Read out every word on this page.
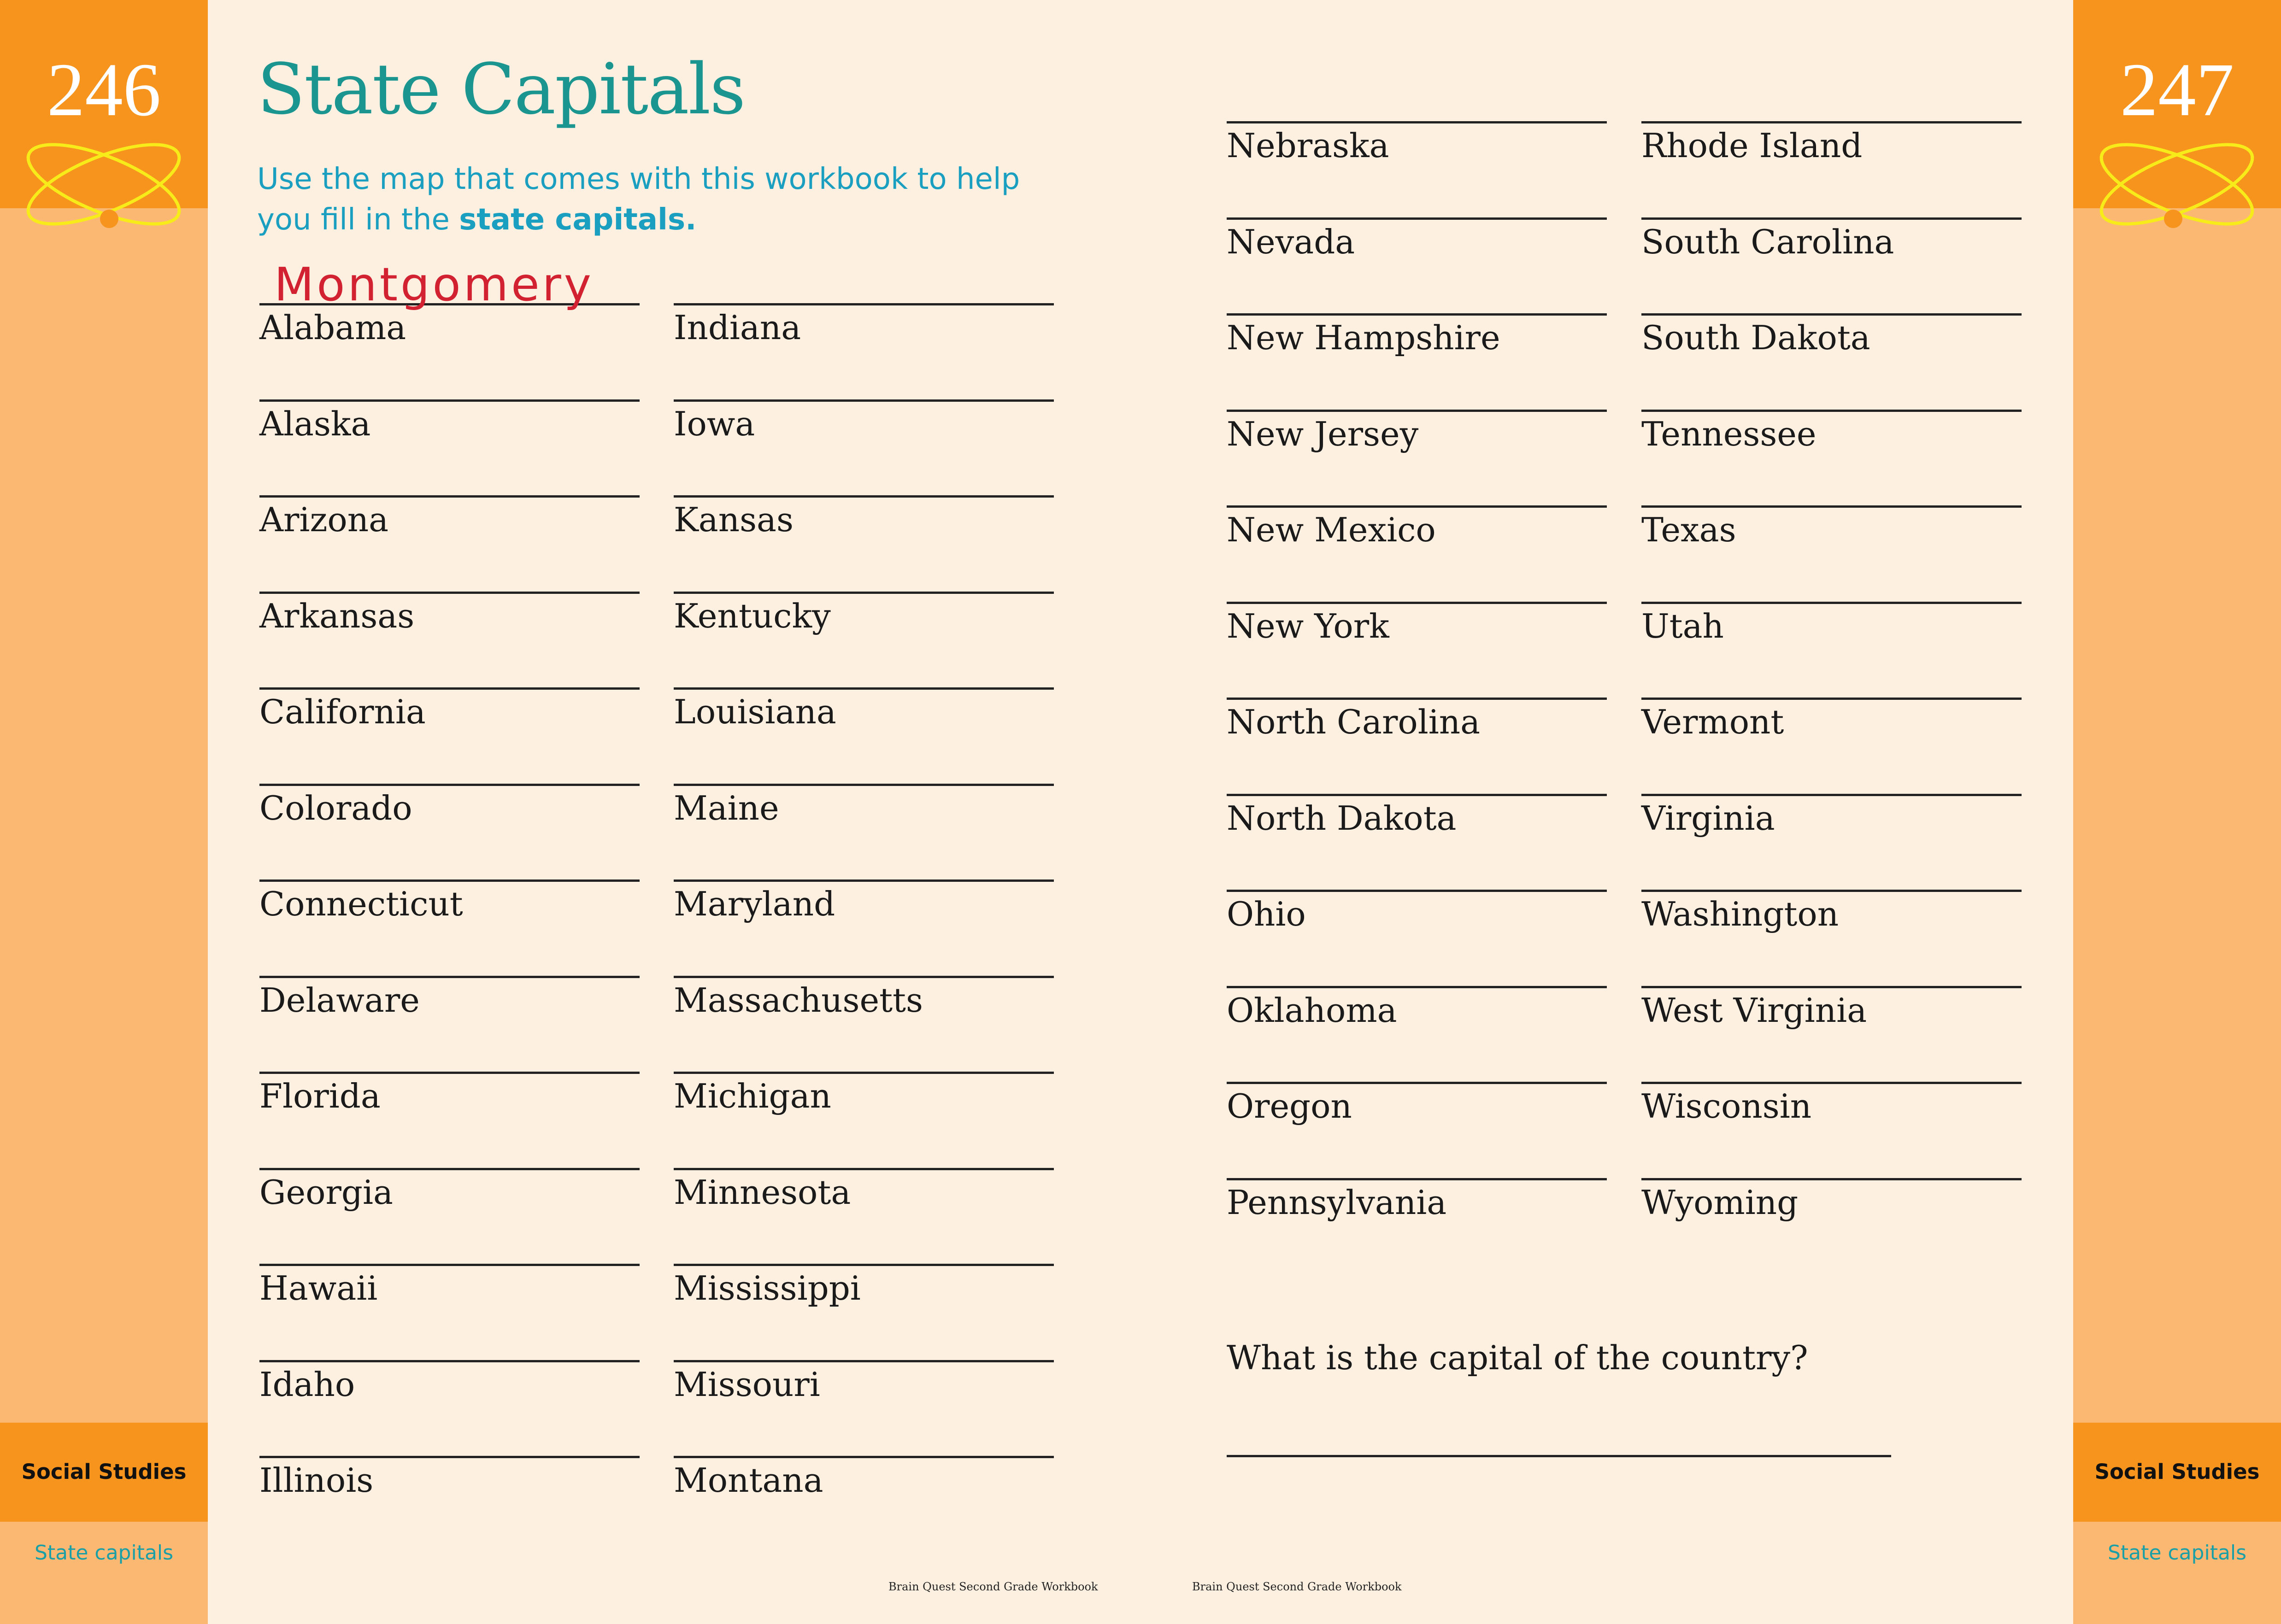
246
Social Studies
State capitals
247
Social Studies
State capitals
State Capitals
Use the map that comes with this workbook to help
you fill in the state capitals.
Alabama
Alaska
Arizona
Arkansas
California
Colorado
Connecticut
Delaware
Florida
Georgia
Hawaii
Idaho
Illinois
Indiana
Iowa
Kansas
Kentucky
Louisiana
Maine
Maryland
Massachusetts
Michigan
Minnesota
Mississippi
Missouri
Montana
Nebraska
Nevada
New Hampshire
New Jersey
New Mexico
New York
North Carolina
North Dakota
Ohio
Oklahoma
Oregon
Pennsylvania
Rhode Island
South Carolina
South Dakota
Tennessee
Texas
Utah
Vermont
Virginia
Washington
West Virginia
Wisconsin
Wyoming
Montgomery
What is the capital of the country?
Brain Quest Second Grade Workbook	Brain Quest Second Grade Workbook
